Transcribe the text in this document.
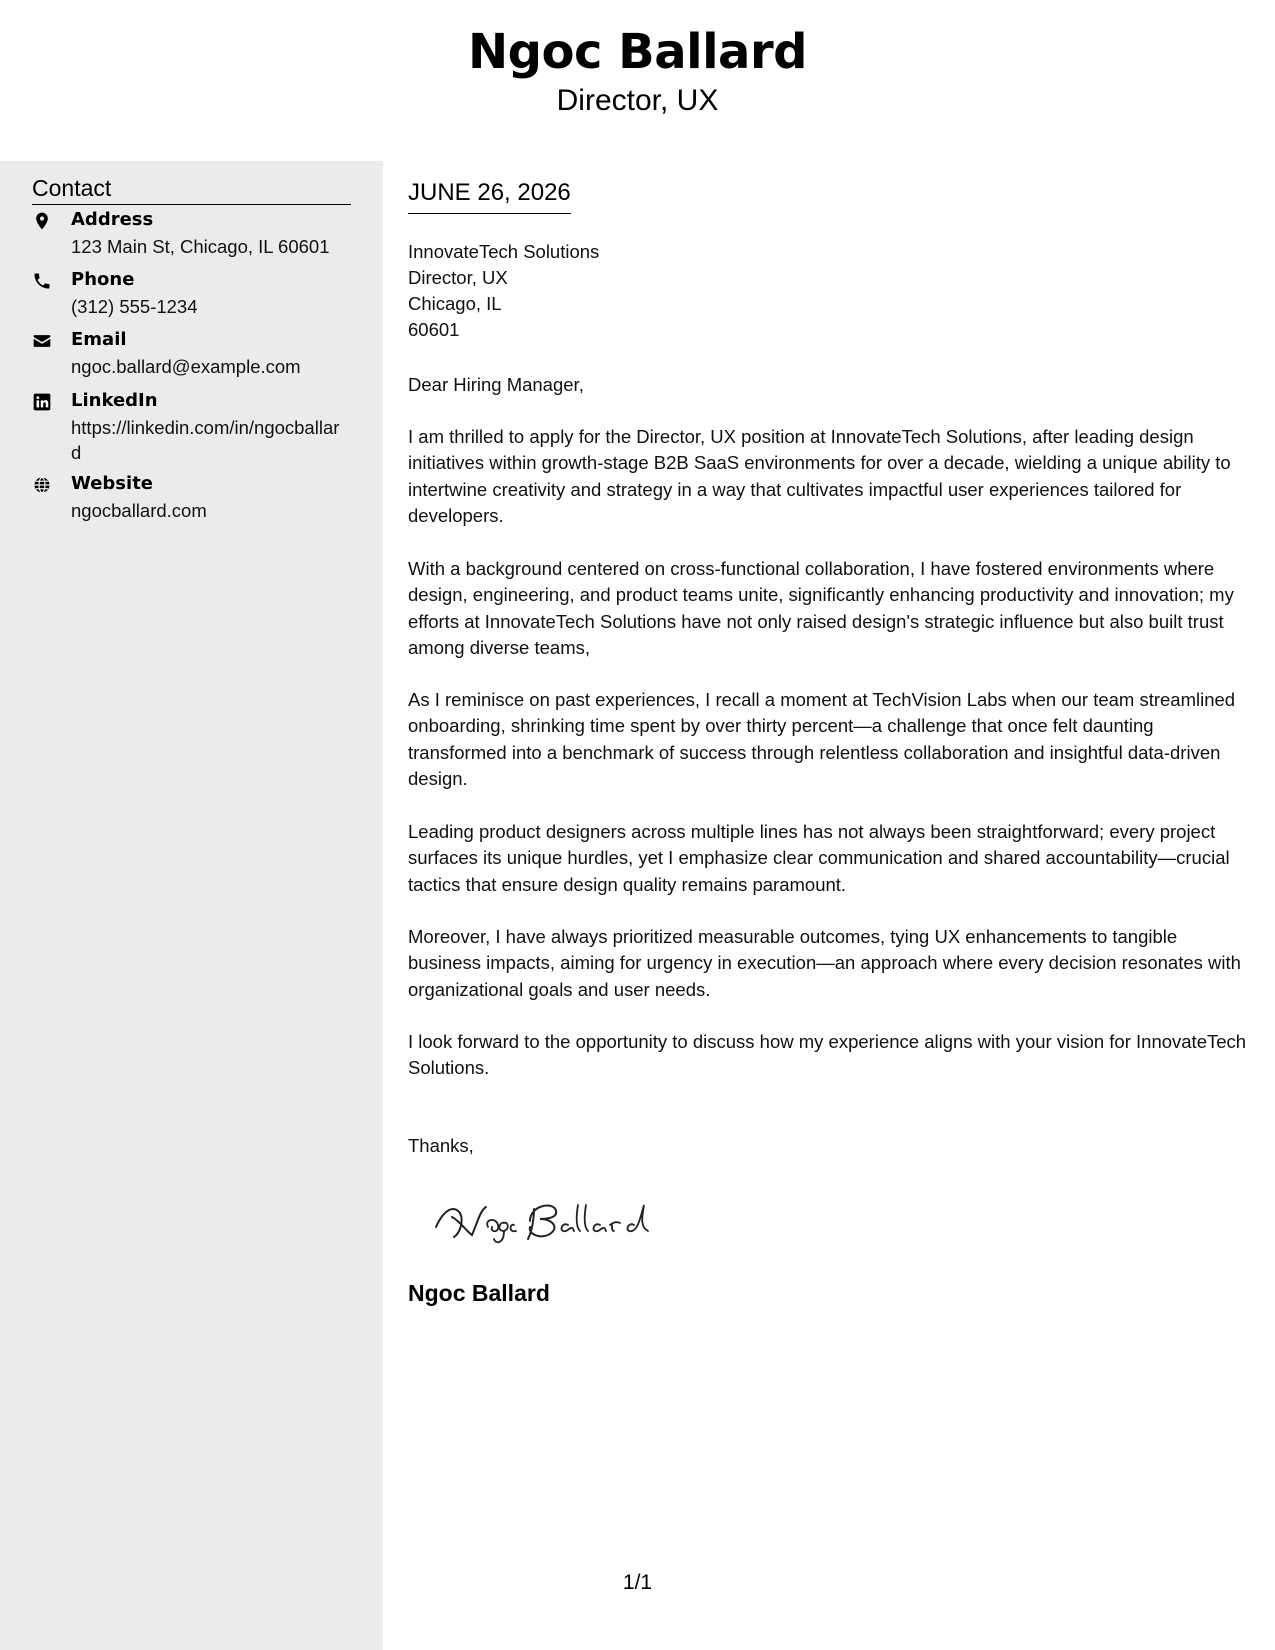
Ngoc Ballard
Director, UX
Contact
Address
123 Main St, Chicago, IL 60601
Phone
(312) 555-1234
Email
ngoc.ballard@example.com
LinkedIn
https://linkedin.com/in/ngocballard
Website
ngocballard.com
JUNE 26, 2026
InnovateTech Solutions
Director, UX
Chicago, IL
60601
Dear Hiring Manager,

I am thrilled to apply for the Director, UX position at InnovateTech Solutions, after leading design initiatives within growth-stage B2B SaaS environments for over a decade, wielding a unique ability to intertwine creativity and strategy in a way that cultivates impactful user experiences tailored for developers.

With a background centered on cross-functional collaboration, I have fostered environments where design, engineering, and product teams unite, significantly enhancing productivity and innovation; my efforts at InnovateTech Solutions have not only raised design's strategic influence but also built trust among diverse teams,

As I reminisce on past experiences, I recall a moment at TechVision Labs when our team streamlined onboarding, shrinking time spent by over thirty percent—a challenge that once felt daunting transformed into a benchmark of success through relentless collaboration and insightful data-driven design.

Leading product designers across multiple lines has not always been straightforward; every project surfaces its unique hurdles, yet I emphasize clear communication and shared accountability—crucial tactics that ensure design quality remains paramount.

Moreover, I have always prioritized measurable outcomes, tying UX enhancements to tangible business impacts, aiming for urgency in execution—an approach where every decision resonates with organizational goals and user needs.

I look forward to the opportunity to discuss how my experience aligns with your vision for InnovateTech Solutions.

Thanks,
Ngoc Ballard
1/1
